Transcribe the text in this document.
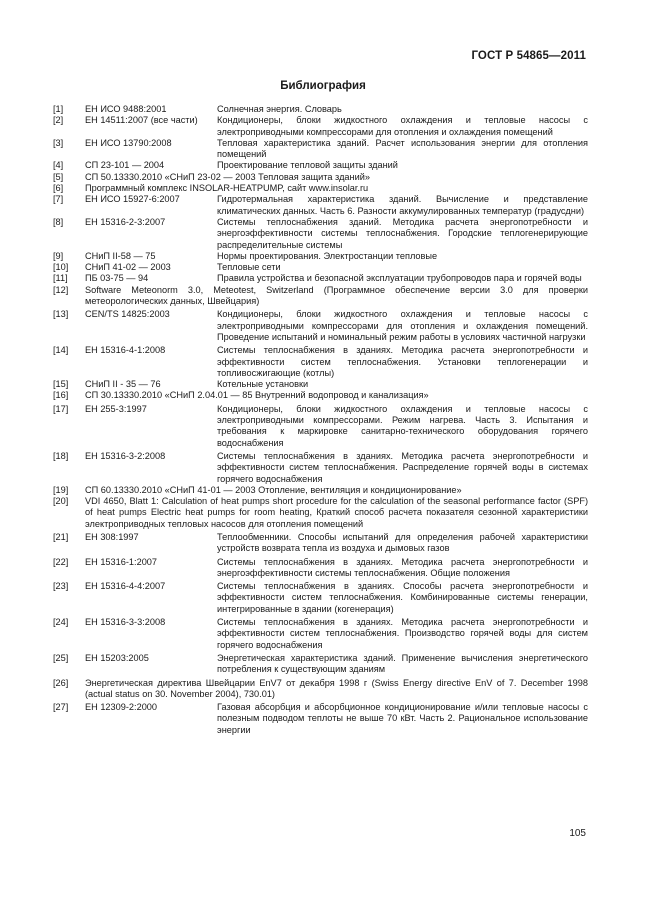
ГОСТ Р 54865—2011
Библиография
[1]	ЕН ИСО 9488:2001	Солнечная энергия. Словарь
[2]	ЕН 14511:2007 (все части)	Кондиционеры, блоки жидкостного охлаждения и тепловые насосы с электроприводными компрессорами для отопления и охлаждения помещений
[3]	ЕН ИСО 13790:2008	Тепловая характеристика зданий. Расчет использования энергии для отопления помещений
[4]	СП 23-101 — 2004	Проектирование тепловой защиты зданий
[5]	СП 50.13330.2010 «СНиП 23-02 — 2003 Тепловая защита зданий»
[6]	Программный комплекс INSOLAR-HEATPUMP, сайт www.insolar.ru
[7]	ЕН ИСО 15927-6:2007	Гидротермальная характеристика зданий. Вычисление и представление климатических данных. Часть 6. Разности аккумулированных температур (градусдни)
[8]	ЕН 15316-2-3:2007	Системы теплоснабжения зданий. Методика расчета энергопотребности и энергоэффективности системы теплоснабжения. Городские теплогенерирующие распределительные системы
[9]	СНиП II-58 — 75	Нормы проектирования. Электростанции тепловые
[10]	СНиП 41-02 — 2003	Тепловые сети
[11]	ПБ 03-75 — 94	Правила устройства и безопасной эксплуатации трубопроводов пара и горячей воды
[12]	Software Meteonorm 3.0, Meteotest, Switzerland (Программное обеспечение версии 3.0 для проверки метеорологических данных, Швейцария)
[13]	CEN/TS 14825:2003	Кондиционеры, блоки жидкостного охлаждения и тепловые насосы с электроприводными компрессорами для отопления и охлаждения помещений. Проведение испытаний и номинальный режим работы в условиях частичной нагрузки
[14]	ЕН 15316-4-1:2008	Системы теплоснабжения в зданиях. Методика расчета энергопотребности и эффективности систем теплоснабжения. Установки теплогенерации и топливосжигающие (котлы)
[15]	СНиП II - 35 — 76	Котельные установки
[16]	СП 30.13330.2010 «СНиП 2.04.01 — 85 Внутренний водопровод и канализация»
[17]	ЕН 255-3:1997	Кондиционеры, блоки жидкостного охлаждения и тепловые насосы с электроприводными компрессорами. Режим нагрева. Часть 3. Испытания и требования к маркировке санитарно-технического оборудования горячего водоснабжения
[18]	ЕН 15316-3-2:2008	Системы теплоснабжения в зданиях. Методика расчета энергопотребности и эффективности систем теплоснабжения. Распределение горячей воды в системах горячего водоснабжения
[19]	СП 60.13330.2010 «СНиП 41-01 — 2003 Отопление, вентиляция и кондиционирование»
[20]	VDI 4650, Blatt 1: Calculation of heat pumps short procedure for the calculation of the seasonal performance factor (SPF) of heat pumps Electric heat pumps for room heating, Краткий способ расчета показателя сезонной характеристики электроприводных тепловых насосов для отопления помещений
[21]	ЕН 308:1997	Теплообменники. Способы испытаний для определения рабочей характеристики устройств возврата тепла из воздуха и дымовых газов
[22]	ЕН 15316-1:2007	Системы теплоснабжения в зданиях. Методика расчета энергопотребности и энергоэффективности системы теплоснабжения. Общие положения
[23]	ЕН 15316-4-4:2007	Системы теплоснабжения в зданиях. Способы расчета энергопотребности и эффективности систем теплоснабжения. Комбинированные системы генерации, интегрированные в здании (когенерация)
[24]	ЕН 15316-3-3:2008	Системы теплоснабжения в зданиях. Методика расчета энергопотребности и эффективности систем теплоснабжения. Производство горячей воды для систем горячего водоснабжения
[25]	ЕН 15203:2005	Энергетическая характеристика зданий. Применение вычисления энергетического потребления к существующим зданиям
[26]	Энергетическая директива Швейцарии EnV7 от декабря 1998 г (Swiss Energy directive EnV of 7. December 1998 (actual status on 30. November 2004), 730.01)
[27]	ЕН 12309-2:2000	Газовая абсорбция и абсорбционное кондиционирование и/или тепловые насосы с полезным подводом теплоты не выше 70 кВт. Часть 2. Рациональное использование энергии
105
